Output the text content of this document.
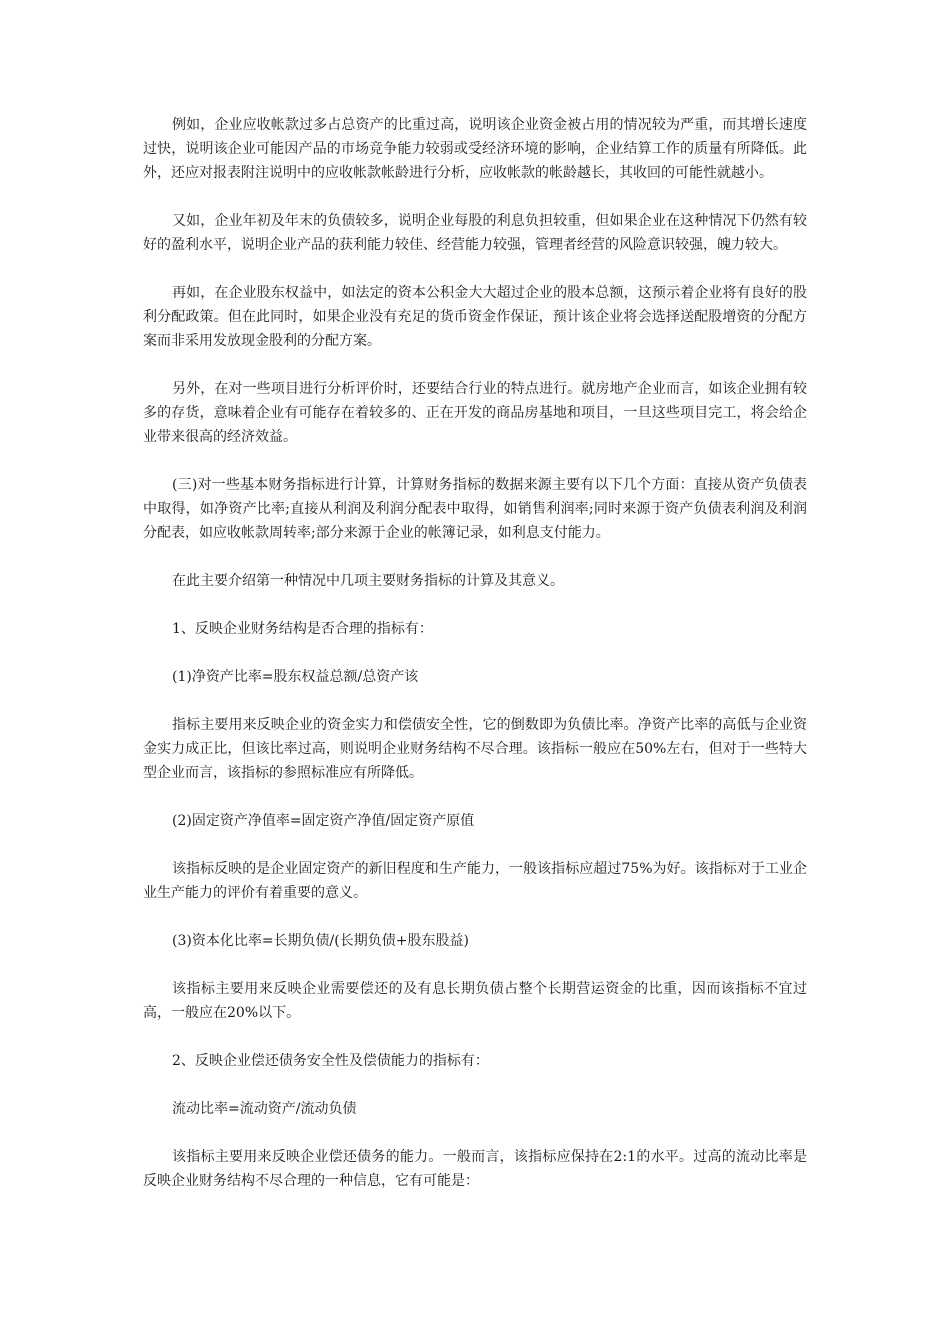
例如，企业应收帐款过多占总资产的比重过高，说明该企业资金被占用的情况较为严重，而其增长速度过快，说明该企业可能因产品的市场竞争能力较弱或受经济环境的影响，企业结算工作的质量有所降低。此外，还应对报表附注说明中的应收帐款帐龄进行分析，应收帐款的帐龄越长，其收回的可能性就越小。

又如，企业年初及年末的负债较多，说明企业每股的利息负担较重，但如果企业在这种情况下仍然有较好的盈利水平，说明企业产品的获利能力较佳、经营能力较强，管理者经营的风险意识较强，魄力较大。

再如，在企业股东权益中，如法定的资本公积金大大超过企业的股本总额，这预示着企业将有良好的股利分配政策。但在此同时，如果企业没有充足的货币资金作保证，预计该企业将会选择送配股增资的分配方案而非采用发放现金股利的分配方案。

另外，在对一些项目进行分析评价时，还要结合行业的特点进行。就房地产企业而言，如该企业拥有较多的存货，意味着企业有可能存在着较多的、正在开发的商品房基地和项目，一旦这些项目完工，将会给企业带来很高的经济效益。

(三)对一些基本财务指标进行计算，计算财务指标的数据来源主要有以下几个方面：直接从资产负债表中取得，如净资产比率;直接从利润及利润分配表中取得，如销售利润率;同时来源于资产负债表利润及利润分配表，如应收帐款周转率;部分来源于企业的帐簿记录，如利息支付能力。

在此主要介绍第一种情况中几项主要财务指标的计算及其意义。

1、反映企业财务结构是否合理的指标有：

(1)净资产比率=股东权益总额/总资产该

指标主要用来反映企业的资金实力和偿债安全性，它的倒数即为负债比率。净资产比率的高低与企业资金实力成正比，但该比率过高，则说明企业财务结构不尽合理。该指标一般应在50%左右，但对于一些特大型企业而言，该指标的参照标准应有所降低。

(2)固定资产净值率=固定资产净值/固定资产原值

该指标反映的是企业固定资产的新旧程度和生产能力，一般该指标应超过75%为好。该指标对于工业企业生产能力的评价有着重要的意义。

(3)资本化比率=长期负债/(长期负债+股东股益)

该指标主要用来反映企业需要偿还的及有息长期负债占整个长期营运资金的比重，因而该指标不宜过高，一般应在20%以下。

2、反映企业偿还债务安全性及偿债能力的指标有：

流动比率=流动资产/流动负债

该指标主要用来反映企业偿还债务的能力。一般而言，该指标应保持在2:1的水平。过高的流动比率是反映企业财务结构不尽合理的一种信息，它有可能是：
